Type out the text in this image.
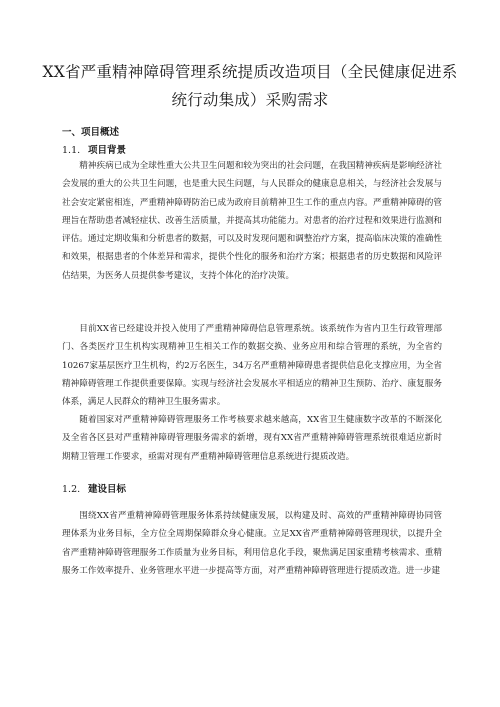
XX省严重精神障碍管理系统提质改造项目（全民健康促进系统行动集成）采购需求
一、项目概述
1.1. 项目背景

精神疾病已成为全球性重大公共卫生问题和较为突出的社会问题，在我国精神疾病是影响经济社会发展的重大的公共卫生问题，也是重大民生问题，与人民群众的健康息息相关，与经济社会发展与社会安定紧密相连，严重精神障碍防治已成为政府目前精神卫生工作的重点内容。严重精神障碍的管理旨在帮助患者减轻症状、改善生活质量，并提高其功能能力。对患者的治疗过程和效果进行监测和评估。通过定期收集和分析患者的数据，可以及时发现问题和调整治疗方案，提高临床决策的准确性和效果，根据患者的个体差异和需求，提供个性化的服务和治疗方案；根据患者的历史数据和风险评估结果，为医务人员提供参考建议，支持个体化的治疗决策。

目前XX省已经建设并投入使用了严重精神障碍信息管理系统。该系统作为省内卫生行政管理部门、各类医疗卫生机构实现精神卫生相关工作的数据交换、业务应用和综合管理的系统，为全省约10267家基层医疗卫生机构，约2万名医生，34万名严重精神障碍患者提供信息化支撑应用，为全省精神障碍管理工作提供重要保障。实现与经济社会发展水平相适应的精神卫生预防、治疗、康复服务体系，满足人民群众的精神卫生服务需求。

随着国家对严重精神障碍管理服务工作考核要求越来越高，XX省卫生健康数字改革的不断深化及全省各区县对严重精神障碍管理服务需求的新增，现有XX省严重精神障碍管理系统很难适应新时期精卫管理工作要求，亟需对现有严重精神障碍管理信息系统进行提质改造。

1.2. 建设目标

围绕XX省严重精神障碍管理服务体系持续健康发展，以构建及时、高效的严重精神障碍协同管理体系为业务目标，全方位全周期保障群众身心健康。立足XX省严重精神障碍管理现状，以提升全省严重精神障碍管理服务工作质量为业务目标，利用信息化手段，聚焦满足国家重精考核需求、重精服务工作效率提升、业务管理水平进一步提高等方面，对严重精神障碍管理进行提质改造。进一步建
